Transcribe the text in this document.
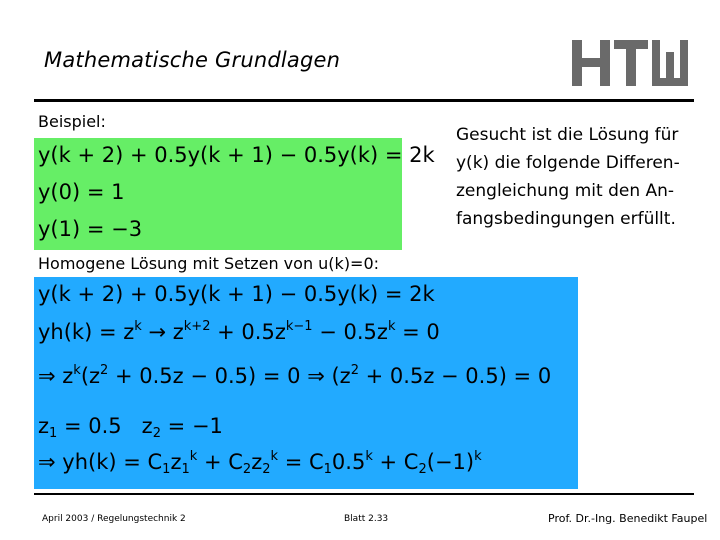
Mathematische Grundlagen
Beispiel:
y(k + 2) + 0.5y(k + 1) − 0.5y(k) = 2k
y(0) = 1
y(1) = −3
Gesucht ist die Lösung für
y(k) die folgende Differen-
zengleichung mit den An-
fangsbedingungen erfüllt.
Homogene Lösung mit Setzen von u(k)=0:
y(k + 2) + 0.5y(k + 1) − 0.5y(k) = 2k
$yh(k) = z^k \to z^{k+2} + 0.5z^{k-1} - 0.5z^k = 0$
⇒ $z^k(z^2 + 0.5z - 0.5) = 0$ ⇒ $(z^2 + 0.5z - 0.5) = 0$
$z_1 = 0.5$   $z_2 = -1$
⇒ $yh(k) = C_1z_1^k + C_2z_2^k = C_10.5^k + C_2(-1)^k$
April 2003 / Regelungstechnik 2	Blatt 2.33	Prof. Dr.-Ing. Benedikt Faupel
